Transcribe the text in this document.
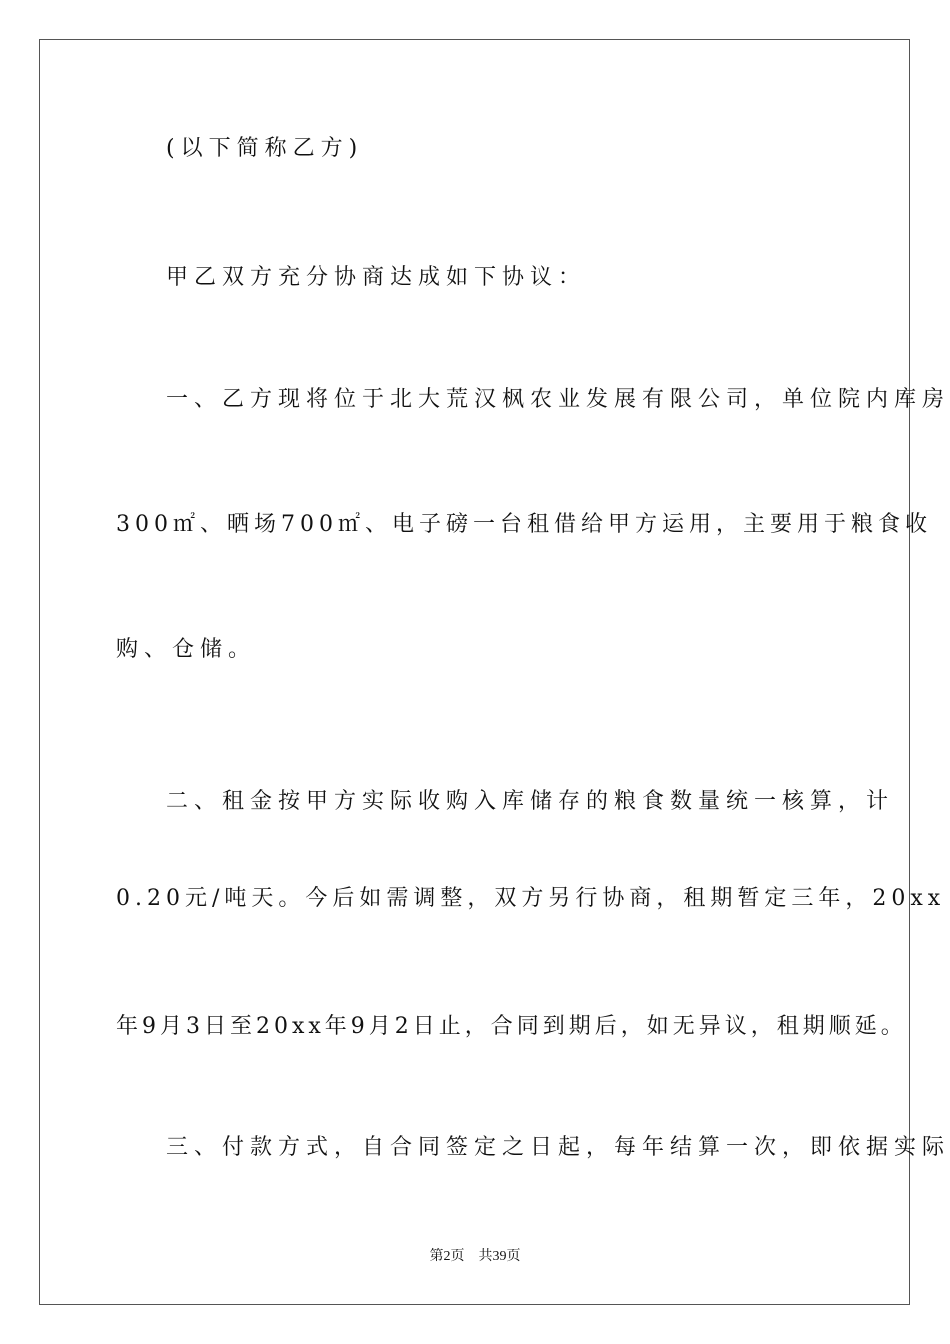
(以下简称乙方)
甲乙双方充分协商达成如下协议：
一、乙方现将位于北大荒汉枫农业发展有限公司，单位院内库房
300㎡、晒场700㎡、电子磅一台租借给甲方运用，主要用于粮食收
购、仓储。
二、租金按甲方实际收购入库储存的粮食数量统一核算，计
0.20元/吨天。今后如需调整，双方另行协商，租期暂定三年，20xx
年9月3日至20xx年9月2日止，合同到期后，如无异议，租期顺延。
三、付款方式，自合同签定之日起，每年结算一次，即依据实际
第2页 共39页
